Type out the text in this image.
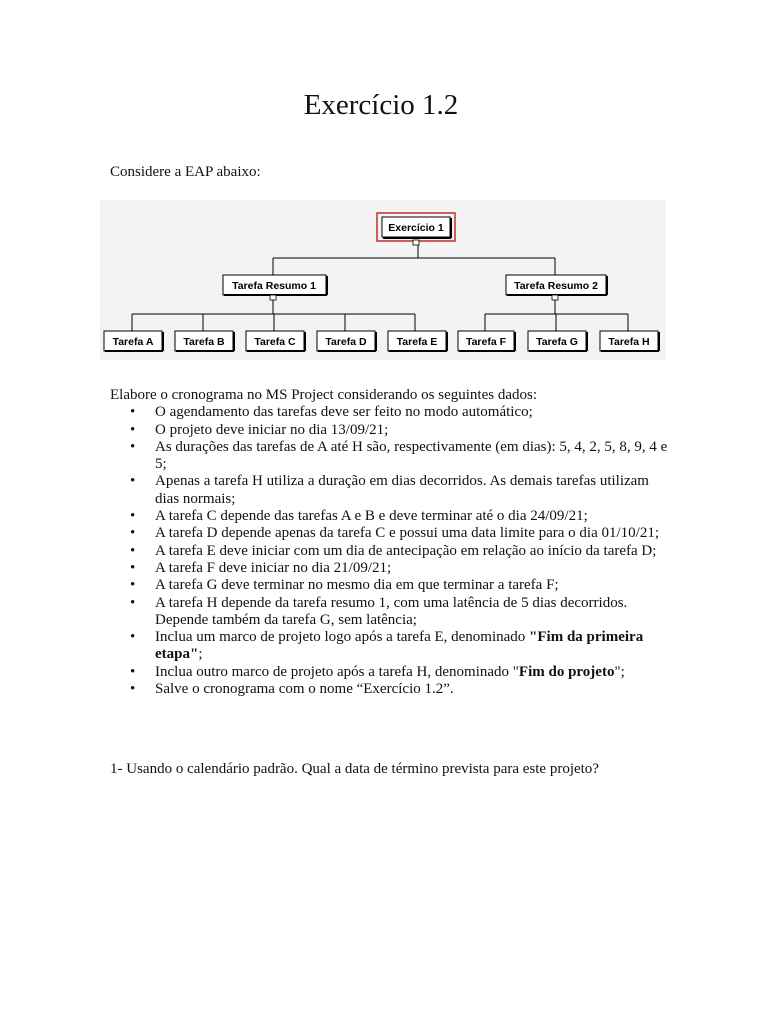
Exercício 1.2
Considere a EAP abaixo:
Exercício 1
Tarefa Resumo 1	Tarefa Resumo 2
Tarefa A	Tarefa B	Tarefa C	Tarefa D	Tarefa E	Tarefa F	Tarefa G	Tarefa H

Elabore o cronograma no MS Project considerando os seguintes dados:

• O agendamento das tarefas deve ser feito no modo automático;
• O projeto deve iniciar no dia 13/09/21;
• As durações das tarefas de A até H são, respectivamente (em dias): 5, 4, 2, 5, 8, 9, 4 e 5;
• Apenas a tarefa H utiliza a duração em dias decorridos. As demais tarefas utilizam dias normais;
• A tarefa C depende das tarefas A e B e deve terminar até o dia 24/09/21;
• A tarefa D depende apenas da tarefa C e possui uma data limite para o dia 01/10/21;
• A tarefa E deve iniciar com um dia de antecipação em relação ao início da tarefa D;
• A tarefa F deve iniciar no dia 21/09/21;
• A tarefa G deve terminar no mesmo dia em que terminar a tarefa F;
• A tarefa H depende da tarefa resumo 1, com uma latência de 5 dias decorridos. Depende também da tarefa G, sem latência;
• Inclua um marco de projeto logo após a tarefa E, denominado "Fim da primeira etapa";
• Inclua outro marco de projeto após a tarefa H, denominado "Fim do projeto";
• Salve o cronograma com o nome “Exercício 1.2”.
1- Usando o calendário padrão. Qual a data de término prevista para este projeto?
